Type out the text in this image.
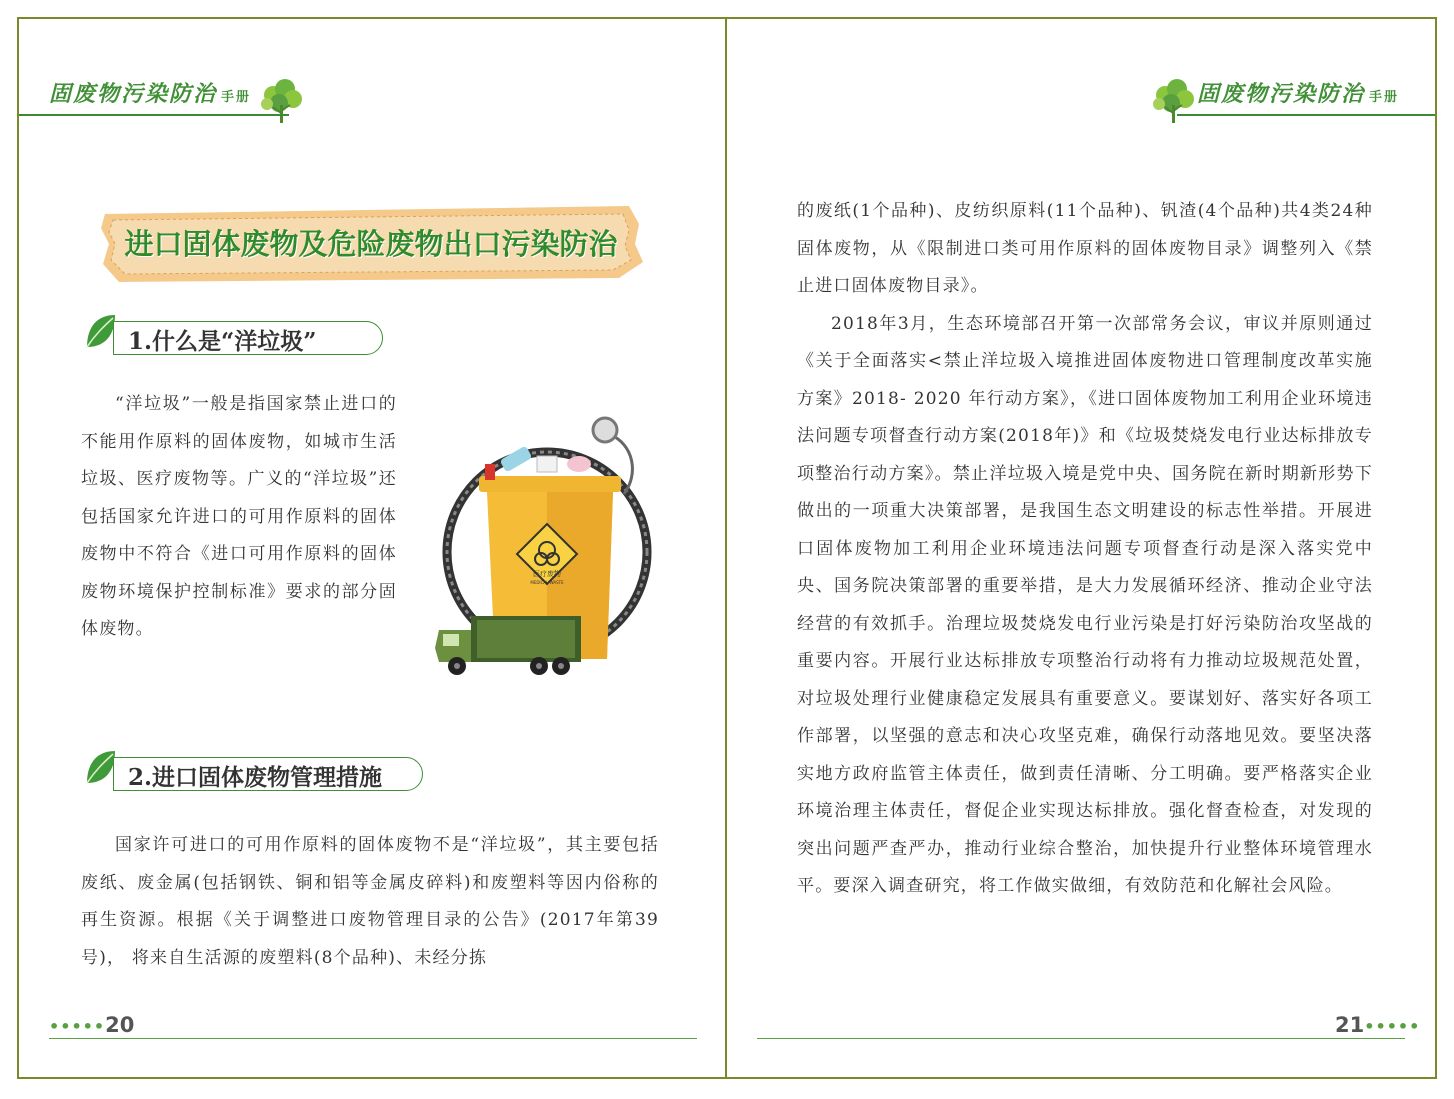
固废物污染防治 手册
进口固体废物及危险废物出口污染防治
1.什么是“洋垃圾”

“洋垃圾”一般是指国家禁止进口的不能用作原料的固体废物，如城市生活垃圾、医疗废物等。广义的“洋垃圾”还包括国家允许进口的可用作原料的固体废物中不符合《进口可用作原料的固体废物环境保护控制标准》要求的部分固体废物。

医疗废物
MEDICAL WASTE
2.进口固体废物管理措施

国家许可进口的可用作原料的固体废物不是“洋垃圾”，其主要包括废纸、废金属(包括钢铁、铜和铝等金属皮碎料)和废塑料等因内俗称的再生资源。根据《关于调整进口废物管理目录的公告》(2017年第39号)， 将来自生活源的废塑料(8个品种)、未经分拣

•••••20
固废物污染防治 手册

的废纸(1个品种)、皮纺织原料(11个品种)、钒渣(4个品种)共4类24种固体废物，从《限制进口类可用作原料的固体废物目录》调整列入《禁止进口固体废物目录》。

2018年3月，生态环境部召开第一次部常务会议，审议并原则通过《关于全面落实<禁止洋垃圾入境推进固体废物进口管理制度改革实施方案》2018- 2020 年行动方案》，《进口固体废物加工利用企业环境违法问题专项督查行动方案(2018年)》和《垃圾焚烧发电行业达标排放专项整治行动方案》。禁止洋垃圾入境是党中央、国务院在新时期新形势下做出的一项重大决策部署，是我国生态文明建设的标志性举措。开展进口固体废物加工利用企业环境违法问题专项督查行动是深入落实党中央、国务院决策部署的重要举措，是大力发展循环经济、推动企业守法经营的有效抓手。治理垃圾焚烧发电行业污染是打好污染防治攻坚战的重要内容。开展行业达标排放专项整治行动将有力推动垃圾规范处置，对垃圾处理行业健康稳定发展具有重要意义。要谋划好、落实好各项工作部署，以坚强的意志和决心攻坚克难，确保行动落地见效。要坚决落实地方政府监管主体责任，做到责任清晰、分工明确。要严格落实企业环境治理主体责任，督促企业实现达标排放。强化督查检查，对发现的突出问题严查严办，推动行业综合整治，加快提升行业整体环境管理水平。要深入调查研究，将工作做实做细，有效防范和化解社会风险。

21•••••
